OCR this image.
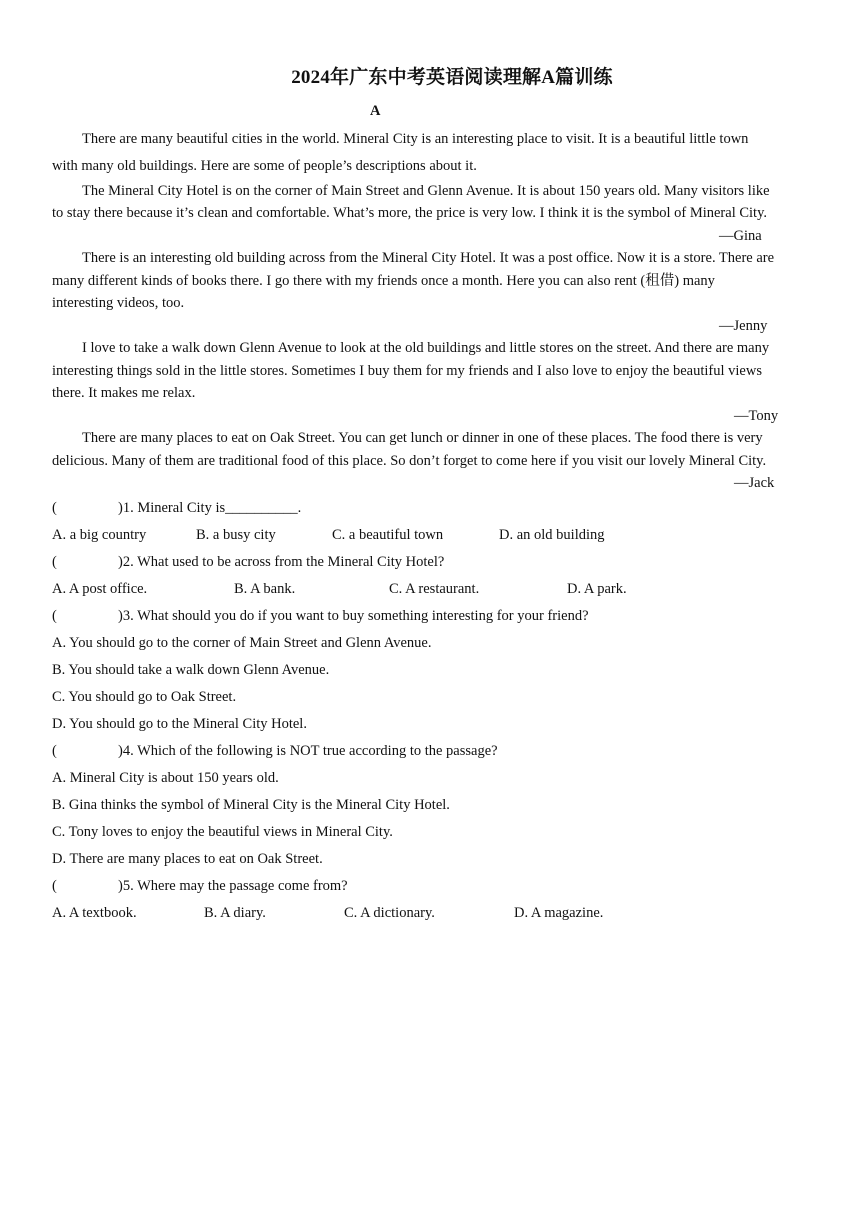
2024年广东中考英语阅读理解A篇训练
A
There are many beautiful cities in the world. Mineral City is an interesting place to visit. It is a beautiful little town
with many old buildings. Here are some of people’s descriptions about it.
The Mineral City Hotel is on the corner of Main Street and Glenn Avenue. It is about 150 years old. Many visitors like
to stay there because it’s clean and comfortable. What’s more, the price is very low. I think it is the symbol of Mineral City.
—Gina
There is an interesting old building across from the Mineral City Hotel. It was a post office. Now it is a store. There are
many different kinds of books there. I go there with my friends once a month. Here you can also rent (租借) many
interesting videos, too.
—Jenny
I love to take a walk down Glenn Avenue to look at the old buildings and little stores on the street. And there are many
interesting things sold in the little stores. Sometimes I buy them for my friends and I also love to enjoy the beautiful views
there. It makes me relax.
—Tony
There are many places to eat on Oak Street. You can get lunch or dinner in one of these places. The food there is very
delicious. Many of them are traditional food of this place. So don’t forget to come here if you visit our lovely Mineral City.
—Jack
(	)1. Mineral City is__________.
A. a big country	B. a busy city	C. a beautiful town	D. an old building
(	)2. What used to be across from the Mineral City Hotel?
A. A post office.	B. A bank.	C. A restaurant.	D. A park.
(	)3. What should you do if you want to buy something interesting for your friend?
A. You should go to the corner of Main Street and Glenn Avenue.
B. You should take a walk down Glenn Avenue.
C. You should go to Oak Street.
D. You should go to the Mineral City Hotel.
(	)4. Which of the following is NOT true according to the passage?
A. Mineral City is about 150 years old.
B. Gina thinks the symbol of Mineral City is the Mineral City Hotel.
C. Tony loves to enjoy the beautiful views in Mineral City.
D. There are many places to eat on Oak Street.
(	)5. Where may the passage come from?
A. A textbook.	B. A diary.	C. A dictionary.	D. A magazine.
